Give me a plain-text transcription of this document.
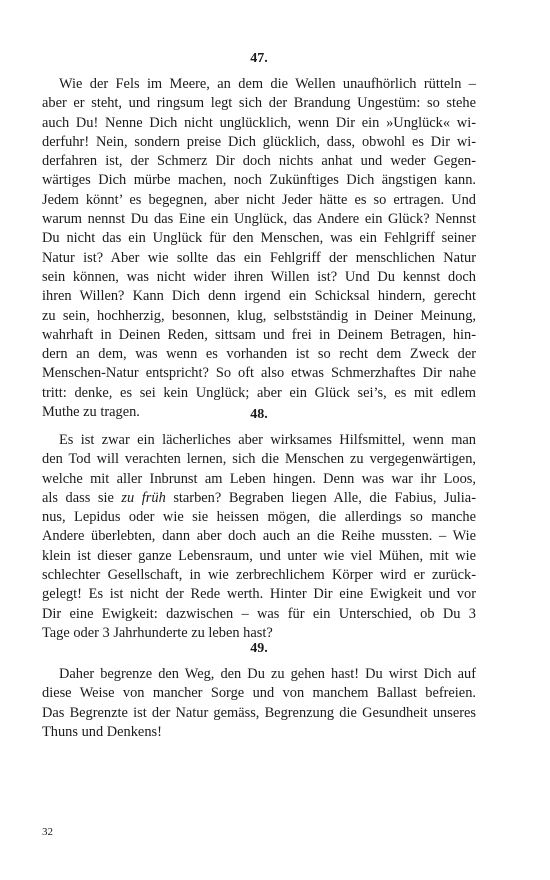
47.
Wie der Fels im Meere, an dem die Wellen unaufhörlich rütteln –
aber er steht, und ringsum legt sich der Brandung Ungestüm: so stehe
auch Du! Nenne Dich nicht unglücklich, wenn Dir ein »Unglück« wi-
derfuhr! Nein, sondern preise Dich glücklich, dass, obwohl es Dir wi-
derfahren ist, der Schmerz Dir doch nichts anhat und weder Gegen-
wärtiges Dich mürbe machen, noch Zukünftiges Dich ängstigen kann.
Jedem könnt’ es begegnen, aber nicht Jeder hätte es so ertragen. Und
warum nennst Du das Eine ein Unglück, das Andere ein Glück? Nennst
Du nicht das ein Unglück für den Menschen, was ein Fehlgriff seiner
Natur ist? Aber wie sollte das ein Fehlgriff der menschlichen Natur
sein können, was nicht wider ihren Willen ist? Und Du kennst doch
ihren Willen? Kann Dich denn irgend ein Schicksal hindern, gerecht
zu sein, hochherzig, besonnen, klug, selbstständig in Deiner Meinung,
wahrhaft in Deinen Reden, sittsam und frei in Deinem Betragen, hin-
dern an dem, was wenn es vorhanden ist so recht dem Zweck der
Menschen-Natur entspricht? So oft also etwas Schmerzhaftes Dir nahe
tritt: denke, es sei kein Unglück; aber ein Glück sei’s, es mit edlem
Muthe zu tragen.	48.
Es ist zwar ein lächerliches aber wirksames Hilfsmittel, wenn man
den Tod will verachten lernen, sich die Menschen zu vergegenwärtigen,
welche mit aller Inbrunst am Leben hingen. Denn was war ihr Loos,
als dass sie zu früh starben? Begraben liegen Alle, die Fabius, Julia-
nus, Lepidus oder wie sie heissen mögen, die allerdings so manche
Andere überlebten, dann aber doch auch an die Reihe mussten. – Wie
klein ist dieser ganze Lebensraum, und unter wie viel Mühen, mit wie
schlechter Gesellschaft, in wie zerbrechlichem Körper wird er zurück-
gelegt! Es ist nicht der Rede werth. Hinter Dir eine Ewigkeit und vor
Dir eine Ewigkeit: dazwischen – was für ein Unterschied, ob Du 3
Tage oder 3 Jahrhunderte zu leben hast?
49.
Daher begrenze den Weg, den Du zu gehen hast! Du wirst Dich auf
diese Weise von mancher Sorge und von manchem Ballast befreien.
Das Begrenzte ist der Natur gemäss, Begrenzung die Gesundheit unseres
Thuns und Denkens!
32
